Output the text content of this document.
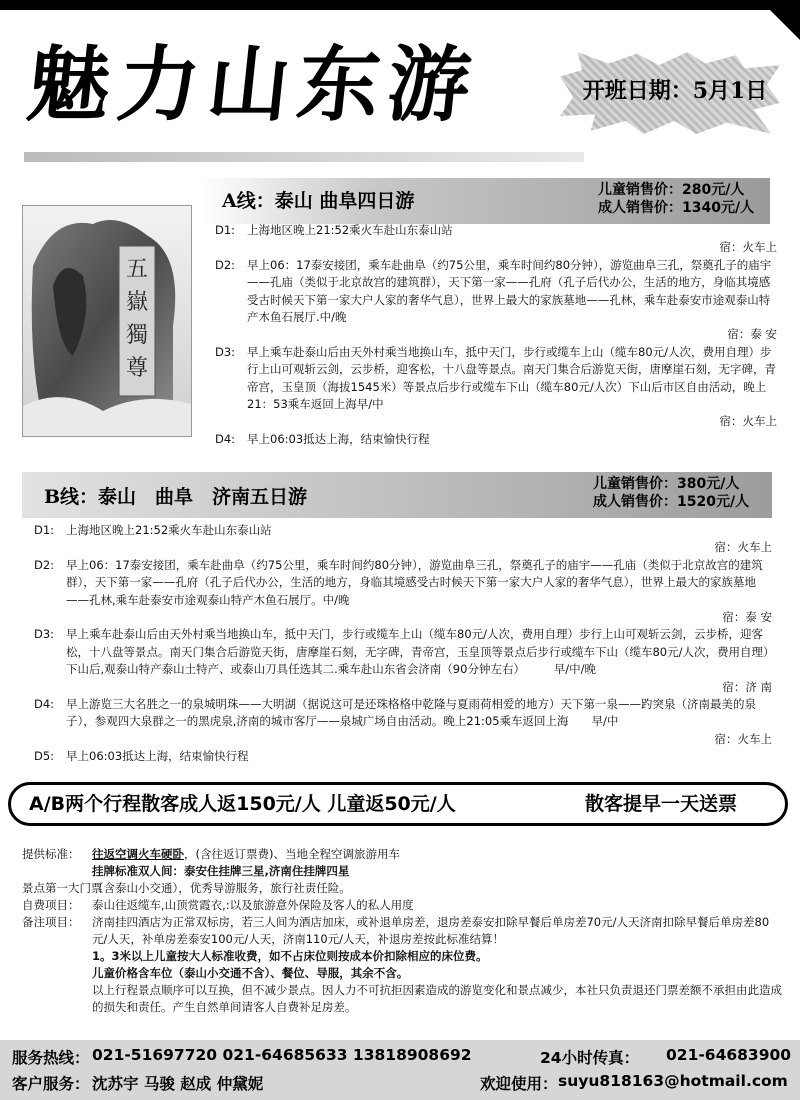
魅力山东游	开班日期：5月1日
五
嶽
獨
尊
A线：泰山 曲阜四日游	儿童销售价：280元/人
成人销售价：1340元/人
D1: 上海地区晚上21:52乘火车赴山东泰山站
宿：火车上
D2: 早上06：17泰安接团，乘车赴曲阜（约75公里，乘车时间约80分钟），游览曲阜三孔，祭奠孔子的庙宇——孔庙（类似于北京故宫的建筑群），天下第一家——孔府（孔子后代办公，生活的地方，身临其境感受古时候天下第一家大户人家的奢华气息），世界上最大的家族墓地——孔林，乘车赴泰安市途观泰山特产木鱼石展厅.中/晚
宿：泰 安
D3: 早上乘车赴泰山后由天外村乘当地换山车，抵中天门，步行或缆车上山（缆车80元/人次，费用自理）步行上山可观斩云剑，云步桥，迎客松，十八盘等景点。南天门集合后游览天街，唐摩崖石刻，无字碑，青帝宫，玉皇顶（海拔1545米）等景点后步行或缆车下山（缆车80元/人次）下山后市区自由活动，晚上21：53乘车返回上海早/中
宿：火车上
D4: 早上06:03抵达上海，结束愉快行程
B线：泰山　曲阜　济南五日游
儿童销售价：380元/人
成人销售价：1520元/人
D1: 上海地区晚上21:52乘火车赴山东泰山站
宿：火车上
D2: 早上06：17泰安接团，乘车赴曲阜（约75公里，乘车时间约80分钟），游览曲阜三孔，祭奠孔子的庙宇——孔庙（类似于北京故宫的建筑群），天下第一家——孔府（孔子后代办公，生活的地方，身临其境感受古时候天下第一家大户人家的奢华气息），世界上最大的家族墓地——孔林,乘车赴泰安市途观泰山特产木鱼石展厅。中/晚
宿：泰 安
D3: 早上乘车赴泰山后由天外村乘当地换山车，抵中天门，步行或缆车上山（缆车80元/人次，费用自理）步行上山可观斩云剑，云步桥，迎客松，十八盘等景点。南天门集合后游览天街，唐摩崖石刻，无字碑，青帝宫，玉皇顶等景点后步行或缆车下山（缆车80元/人次，费用自理）下山后,观泰山特产泰山土特产、或泰山刀具任选其二.乘车赴山东省会济南（90分钟左右）　　　早/中/晚
宿：济 南
D4: 早上游览三大名胜之一的泉城明珠——大明湖（据说这可是还珠格格中乾隆与夏雨荷相爱的地方）天下第一泉——趵突泉（济南最美的泉子），参观四大泉群之一的黑虎泉,济南的城市客厅——泉城广场自由活动。晚上21:05乘车返回上海　　早/中
宿：火车上
D5: 早上06:03抵达上海，结束愉快行程
A/B两个行程散客成人返150元/人 儿童返50元/人	散客提早一天送票
提供标准： 往返空调火车硬卧，(含往返订票费)、当地全程空调旅游用车
挂牌标准双人间：泰安住挂牌三星,济南住挂牌四星
景点第一大门票
（含泰山小交通），优秀导游服务，旅行社责任险。
自费项目： 泰山往返缆车,山顶赏霞衣,:以及旅游意外保险及客人的私人用度
备注项目： 济南挂四酒店为正常双标房，若三人间为酒店加床，或补退单房差，退房差泰安扣除早餐后单房差70元/人天济南扣除早餐后单房差80元/人天，补单房差泰安100元/人天，济南110元/人天，补退房差按此标准结算！
1。3米以上儿童按大人标准收费，如不占床位则按成本价扣除相应的床位费。
儿童价格含车位（泰山小交通不含）、餐位、导服，其余不含。
以上行程景点顺序可以互换，但不减少景点。因人力不可抗拒因素造成的游览变化和景点减少，本社只负责退还门票差额不承担由此造成的损失和责任。产生自然单间请客人自费补足房差。
服务热线： 021-51697720 021-64685633 13818908692	24小时传真： 021-64683900
客户服务： 沈苏宇 马骏 赵成 仲黛妮	欢迎使用： suyu818163@hotmail.com
